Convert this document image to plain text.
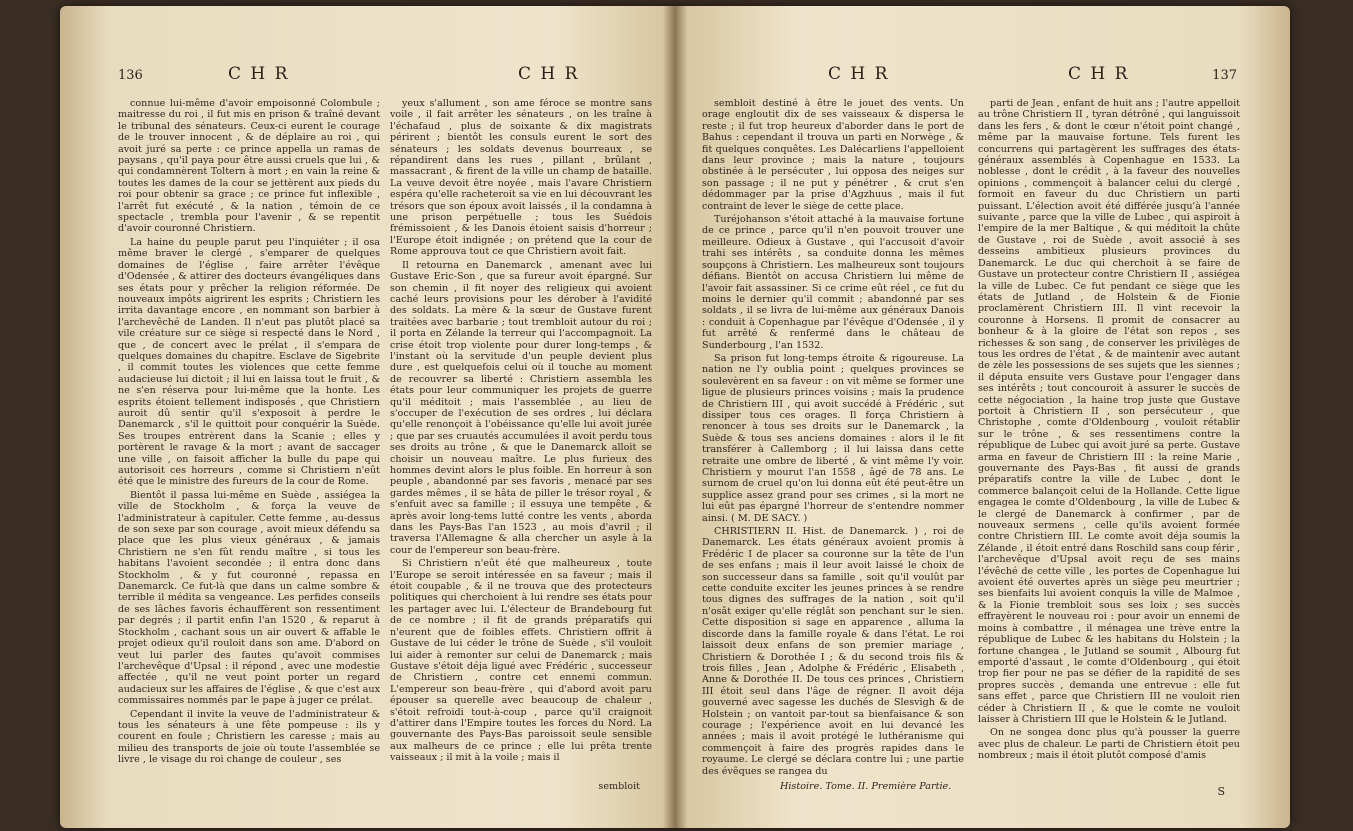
136	C H R	C H R

connue lui-même d'avoir empoisonné Colombule ; maitresse du roi , il fut mis en prison & traîné devant le tribunal des sénateurs. Ceux-ci eurent le courage de le trouver innocent , & de déplaire au roi , qui avoit juré sa perte : ce prince appella un ramas de paysans , qu'il paya pour être aussi cruels que lui , & qui condamnèrent Toltern à mort ; en vain la reine & toutes les dames de la cour se jettèrent aux pieds du roi pour obtenir sa grace ; ce prince fut inflexible , l'arrêt fut exécuté , & la nation , témoin de ce spectacle , trembla pour l'avenir , & se repentit d'avoir couronné Christiern.

La haine du peuple parut peu l'inquiéter ; il osa même braver le clergé , s'emparer de quelques domaines de l'église , faire arrêter l'évêque d'Odensée , & attirer des docteurs évangéliques dans ses états pour y prêcher la religion réformée. De nouveaux impôts aigrirent les esprits ; Christiern les irrita davantage encore , en nommant son barbier à l'archevêché de Landen. Il n'eut pas plutôt placé sa vile créature sur ce siège si respecté dans le Nord , que , de concert avec le prélat , il s'empara de quelques domaines du chapitre. Esclave de Sigebrite , il commit toutes les violences que cette femme audacieuse lui dictoit ; il lui en laissa tout le fruit , & ne s'en réserva pour lui-même que la honte. Les esprits étoient tellement indisposés , que Christiern auroit dû sentir qu'il s'exposoit à perdre le Danemarck , s'il le quittoit pour conquérir la Suède. Ses troupes entrèrent dans la Scanie ; elles y portèrent le ravage & la mort ; avant de saccager une ville , on faisoit afficher la bulle du pape qui autorisoit ces horreurs , comme si Christiern n'eût été que le ministre des fureurs de la cour de Rome.

Bientôt il passa lui-même en Suède , assiégea la ville de Stockholm , & força la veuve de l'administrateur à capituler. Cette femme , au-dessus de son sexe par son courage , avoit mieux défendu sa place que les plus vieux généraux , & jamais Christiern ne s'en fût rendu maître , si tous les habitans l'avoient secondée ; il entra donc dans Stockholm , & y fut couronné , repassa en Danemarck. Ce fut-là que dans un calme sombre & terrible il médita sa vengeance. Les perfides conseils de ses lâches favoris échauffèrent son ressentiment par degrés ; il partit enfin l'an 1520 , & reparut à Stockholm , cachant sous un air ouvert & affable le projet odieux qu'il rouloit dans son ame. D'abord on veut lui parler des fautes qu'avoit commises l'archevêque d'Upsal : il répond , avec une modestie affectée , qu'il ne veut point porter un regard audacieux sur les affaires de l'église , & que c'est aux commissaires nommés par le pape à juger ce prélat.

Cependant il invite la veuve de l'administrateur & tous les sénateurs à une fête pompeuse : ils y courent en foule ; Christiern les caresse ; mais au milieu des transports de joie où toute l'assemblée se livre , le visage du roi change de couleur , ses

yeux s'allument , son ame féroce se montre sans voile , il fait arrêter les sénateurs , on les traîne à l'échafaud , plus de soixante & dix magistrats périrent ; bientôt les consuls eurent le sort des sénateurs ; les soldats devenus bourreaux , se répandirent dans les rues , pillant , brûlant , massacrant , & firent de la ville un champ de bataille. La veuve devoit être noyée , mais l'avare Christiern espéra qu'elle racheteroit sa vie en lui découvrant les trésors que son époux avoit laissés , il la condamna à une prison perpétuelle ; tous les Suédois frémissoient , & les Danois étoient saisis d'horreur ; l'Europe étoit indignée ; on prétend que la cour de Rome approuva tout ce que Christiern avoit fait.

Il retourna en Danemarck , amenant avec lui Gustave Eric-Son , que sa fureur avoit épargné. Sur son chemin , il fit noyer des religieux qui avoient caché leurs provisions pour les dérober à l'avidité des soldats. La mère & la sœur de Gustave furent traitées avec barbarie ; tout trembloit autour du roi ; il porta en Zélande la terreur qui l'accompagnoit. La crise étoit trop violente pour durer long-temps , & l'instant où la servitude d'un peuple devient plus dure , est quelquefois celui où il touche au moment de recouvrer sa liberté : Christiern assembla les états pour leur communiquer les projets de guerre qu'il méditoit ; mais l'assemblée , au lieu de s'occuper de l'exécution de ses ordres , lui déclara qu'elle renonçoit à l'obéissance qu'elle lui avoit jurée ; que par ses cruautés accumulées il avoit perdu tous ses droits au trône , & que le Danemarck alloit se choisir un nouveau maître. Le plus furieux des hommes devint alors le plus foible. En horreur à son peuple , abandonné par ses favoris , menacé par ses gardes mêmes , il se hâta de piller le trésor royal , & s'enfuit avec sa famille ; il essuya une tempête , & après avoir long-tems lutté contre les vents , aborda dans les Pays-Bas l'an 1523 , au mois d'avril ; il traversa l'Allemagne & alla chercher un asyle à la cour de l'empereur son beau-frère.

Si Christiern n'eût été que malheureux , toute l'Europe se seroit intéressée en sa faveur ; mais il étoit coupable , & il ne trouva que des protecteurs politiques qui cherchoient à lui rendre ses états pour les partager avec lui. L'électeur de Brandebourg fut de ce nombre ; il fit de grands préparatifs qui n'eurent que de foibles effets. Christiern offrit à Gustave de lui céder le trône de Suède , s'il vouloit lui aider à remonter sur celui de Danemarck ; mais Gustave s'étoit déja ligué avec Frédéric , successeur de Christiern , contre cet ennemi commun. L'empereur son beau-frère , qui d'abord avoit paru épouser sa querelle avec beaucoup de chaleur , s'étoit refroidi tout-à-coup , parce qu'il craignoit d'attirer dans l'Empire toutes les forces du Nord. La gouvernante des Pays-Bas paroissoit seule sensible aux malheurs de ce prince ; elle lui prêta trente vaisseaux ; il mit à la voile ; mais il

sembloit
C H R	C H R	137

sembloit destiné à être le jouet des vents. Un orage engloutit dix de ses vaisseaux & dispersa le reste ; il fut trop heureux d'aborder dans le port de Bahus : cependant il trouva un parti en Norwège , & fit quelques conquêtes. Les Dalécarliens l'appelloient dans leur province ; mais la nature , toujours obstinée à le persécuter , lui opposa des neiges sur son passage ; il ne put y pénétrer , & crut s'en dédommager par la prise d'Agzhuus , mais il fut contraint de lever le siège de cette place.

Turéjohanson s'étoit attaché à la mauvaise fortune de ce prince , parce qu'il n'en pouvoit trouver une meilleure. Odieux à Gustave , qui l'accusoit d'avoir trahi ses intérêts , sa conduite donna les mêmes soupçons à Christiern. Les malheureux sont toujours défians. Bientôt on accusa Christiern lui même de l'avoir fait assassiner. Si ce crime eût réel , ce fut du moins le dernier qu'il commit ; abandonné par ses soldats , il se livra de lui-même aux généraux Danois : conduit à Copenhague par l'évêque d'Odensée , il y fut arrêté & renfermé dans le château de Sunderbourg , l'an 1532.

Sa prison fut long-temps étroite & rigoureuse. La nation ne l'y oublia point ; quelques provinces se soulevèrent en sa faveur : on vit même se former une ligue de plusieurs princes voisins ; mais la prudence de Christiern III , qui avoit succédé à Frédéric , sut dissiper tous ces orages. Il força Christiern à renoncer à tous ses droits sur le Danemarck , la Suède & tous ses anciens domaines : alors il le fit transférer à Callemborg ; il lui laissa dans cette retraite une ombre de liberté , & vint même l'y voir. Christiern y mourut l'an 1558 , âgé de 78 ans. Le surnom de cruel qu'on lui donna eût été peut-être un supplice assez grand pour ses crimes , si la mort ne lui eût pas épargné l'horreur de s'entendre nommer ainsi. ( M. DE SACY. )

CHRISTIERN II. Hist. de Danemarck. ) , roi de Danemarck. Les états généraux avoient promis à Frédéric I de placer sa couronne sur la tête de l'un de ses enfans ; mais il leur avoit laissé le choix de son successeur dans sa famille , soit qu'il voulût par cette conduite exciter les jeunes princes à se rendre tous dignes des suffrages de la nation , soit qu'il n'osât exiger qu'elle réglât son penchant sur le sien. Cette disposition si sage en apparence , alluma la discorde dans la famille royale & dans l'état. Le roi laissoit deux enfans de son premier mariage , Christiern & Dorothée I ; & du second trois fils & trois filles , Jean , Adolphe & Frédéric , Elisabeth , Anne & Dorothée II. De tous ces princes , Christiern III étoit seul dans l'âge de régner. Il avoit déja gouverné avec sagesse les duchés de Slesvigh & de Holstein ; on vantoit par-tout sa bienfaisance & son courage ; l'expérience avoit en lui devancé les années ; mais il avoit protégé le luthéranisme qui commençoit à faire des progrès rapides dans le royaume. Le clergé se déclara contre lui ; une partie des évêques se rangea du

parti de Jean , enfant de huit ans ; l'autre appelloit au trône Christiern II , tyran détrôné , qui languissoit dans les fers , & dont le cœur n'étoit point changé , même par la mauvaise fortune. Tels furent les concurrens qui partagèrent les suffrages des états-généraux assemblés à Copenhague en 1533. La noblesse , dont le crédit , à la faveur des nouvelles opinions , commençoit à balancer celui du clergé , formoit en faveur du duc Christiern un parti puissant. L'élection avoit été différée jusqu'à l'année suivante , parce que la ville de Lubec , qui aspiroit à l'empire de la mer Baltique , & qui méditoit la chûte de Gustave , roi de Suède , avoit associé à ses desseins ambitieux plusieurs provinces du Danemarck. Le duc qui cherchoit à se faire de Gustave un protecteur contre Christiern II , assiégea la ville de Lubec. Ce fut pendant ce siège que les états de Jutland , de Holstein & de Fionie proclamèrent Christiern III. Il vint recevoir la couronne à Horsens. Il promit de consacrer au bonheur & à la gloire de l'état son repos , ses richesses & son sang , de conserver les privilèges de tous les ordres de l'état , & de maintenir avec autant de zèle les possessions de ses sujets que les siennes ; il députa ensuite vers Gustave pour l'engager dans ses intérêts ; tout concouroit à assurer le succès de cette négociation , la haine trop juste que Gustave portoit à Christiern II , son persécuteur , que Christophe , comte d'Oldenbourg , vouloit rétablir sur le trône , & ses ressentimens contre la république de Lubec qui avoit juré sa perte. Gustave arma en faveur de Christiern III : la reine Marie , gouvernante des Pays-Bas , fit aussi de grands préparatifs contre la ville de Lubec , dont le commerce balançoit celui de la Hollande. Cette ligue engagea le comte d'Oldenbourg , la ville de Lubec & le clergé de Danemarck à confirmer , par de nouveaux sermens , celle qu'ils avoient formée contre Christiern III. Le comte avoit déja soumis la Zélande , il étoit entré dans Roschild sans coup férir , l'archevêque d'Upsal avoit reçu de ses mains l'évêché de cette ville , les portes de Copenhague lui avoient été ouvertes après un siège peu meurtrier ; ses bienfaits lui avoient conquis la ville de Malmoe , & la Fionie trembloit sous ses loix ; ses succès effrayèrent le nouveau roi : pour avoir un ennemi de moins à combattre , il ménagea une trève entre la république de Lubec & les habitans du Holstein ; la fortune changea , le Jutland se soumit , Albourg fut emporté d'assaut , le comte d'Oldenbourg , qui étoit trop fier pour ne pas se défier de la rapidité de ses propres succès , demanda une entrevue : elle fut sans effet , parce que Christiern III ne vouloit rien céder à Christiern II , & que le comte ne vouloit laisser à Christiern III que le Holstein & le Jutland.

On ne songea donc plus qu'à pousser la guerre avec plus de chaleur. Le parti de Christiern étoit peu nombreux ; mais il étoit plutôt composé d'amis

Histoire. Tome. II. Première Partie.	S
